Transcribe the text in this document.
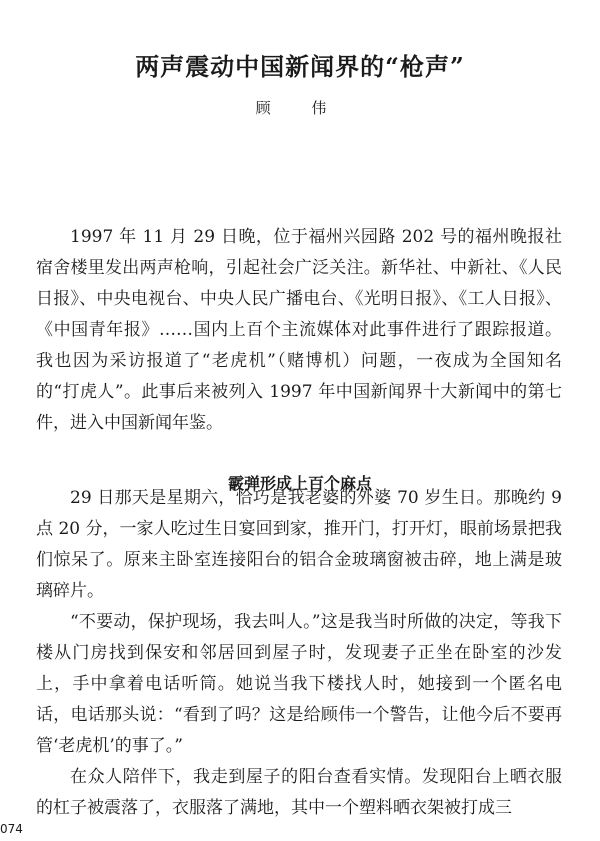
两声震动中国新闻界的“枪声”
顾 伟

1997 年 11 月 29 日晚，位于福州兴园路 202 号的福州晚报社宿舍楼里发出两声枪响，引起社会广泛关注。新华社、中新社、《人民日报》、中央电视台、中央人民广播电台、《光明日报》、《工人日报》、《中国青年报》……国内上百个主流媒体对此事件进行了跟踪报道。我也因为采访报道了“老虎机”（赌博机）问题，一夜成为全国知名的“打虎人”。此事后来被列入 1997 年中国新闻界十大新闻中的第七件，进入中国新闻年鉴。

霰弹形成上百个麻点

29 日那天是星期六，恰巧是我老婆的外婆 70 岁生日。那晚约 9 点 20 分，一家人吃过生日宴回到家，推开门，打开灯，眼前场景把我们惊呆了。原来主卧室连接阳台的铝合金玻璃窗被击碎，地上满是玻璃碎片。

“不要动，保护现场，我去叫人。”这是我当时所做的决定，等我下楼从门房找到保安和邻居回到屋子时，发现妻子正坐在卧室的沙发上，手中拿着电话听筒。她说当我下楼找人时，她接到一个匿名电话，电话那头说：“看到了吗？这是给顾伟一个警告，让他今后不要再管‘老虎机’的事了。”

在众人陪伴下，我走到屋子的阳台查看实情。发现阳台上晒衣服的杠子被震落了，衣服落了满地，其中一个塑料晒衣架被打成三

074
